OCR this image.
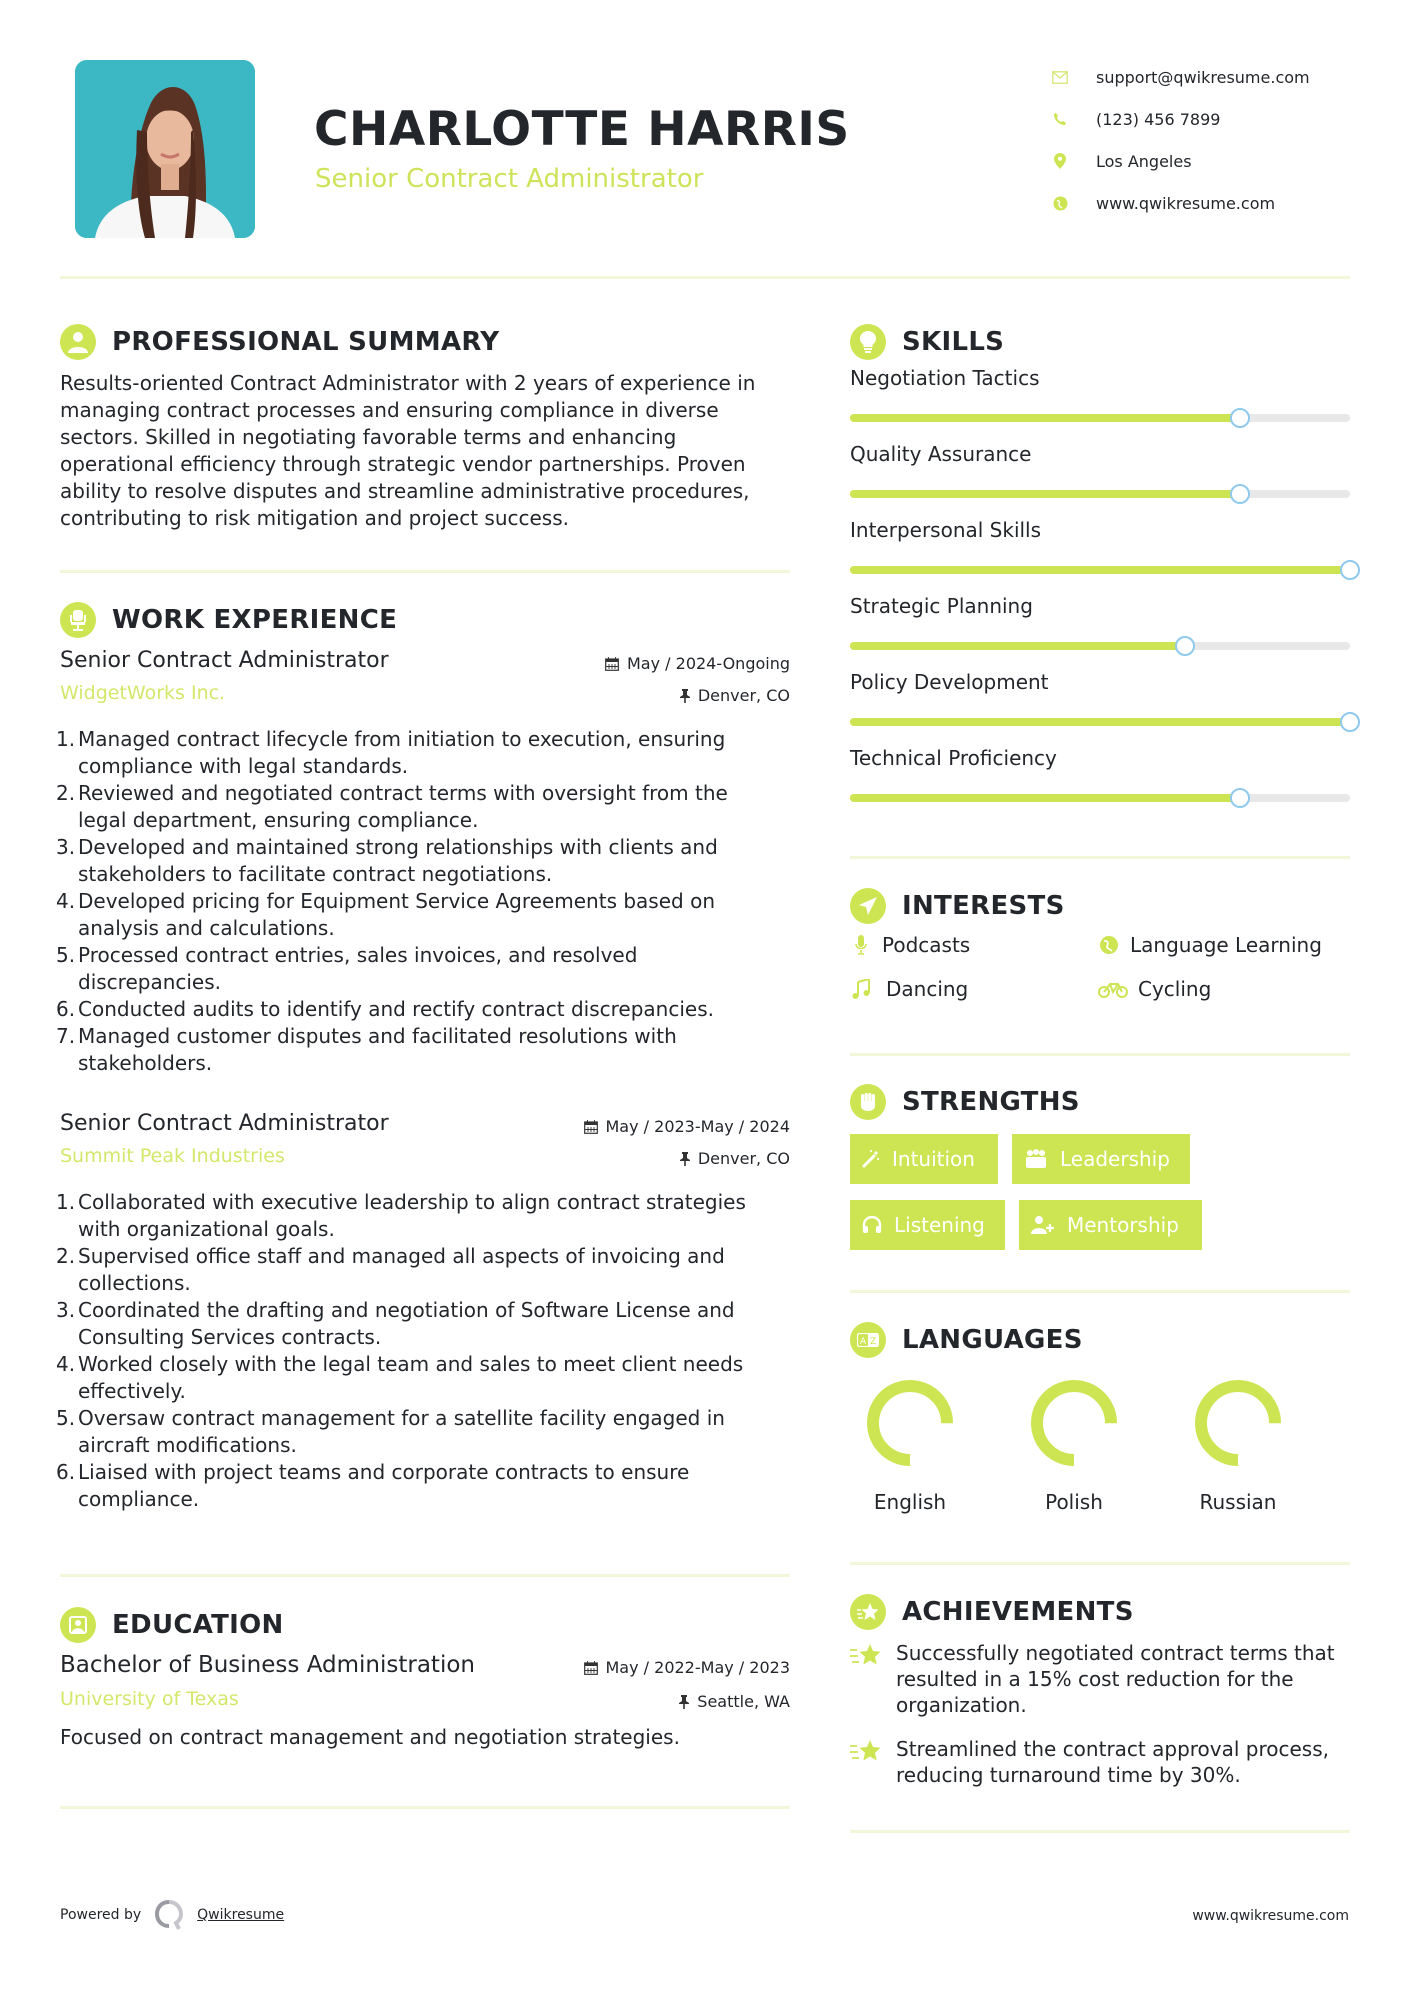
CHARLOTTE HARRIS
Senior Contract Administrator
support@qwikresume.com
(123) 456 7899
Los Angeles
www.qwikresume.com
PROFESSIONAL SUMMARY

Results-oriented Contract Administrator with 2 years of experience in managing contract processes and ensuring compliance in diverse sectors. Skilled in negotiating favorable terms and enhancing operational efficiency through strategic vendor partnerships. Proven ability to resolve disputes and streamline administrative procedures, contributing to risk mitigation and project success.

WORK EXPERIENCE
Senior Contract Administrator
WidgetWorks Inc.
May / 2024-Ongoing
Denver, CO
1. Managed contract lifecycle from initiation to execution, ensuring compliance with legal standards.
2. Reviewed and negotiated contract terms with oversight from the legal department, ensuring compliance.
3. Developed and maintained strong relationships with clients and stakeholders to facilitate contract negotiations.
4. Developed pricing for Equipment Service Agreements based on analysis and calculations.
5. Processed contract entries, sales invoices, and resolved discrepancies.
6. Conducted audits to identify and rectify contract discrepancies.
7. Managed customer disputes and facilitated resolutions with stakeholders.
Senior Contract Administrator
Summit Peak Industries
May / 2023-May / 2024
Denver, CO
1. Collaborated with executive leadership to align contract strategies with organizational goals.
2. Supervised office staff and managed all aspects of invoicing and collections.
3. Coordinated the drafting and negotiation of Software License and Consulting Services contracts.
4. Worked closely with the legal team and sales to meet client needs effectively.
5. Oversaw contract management for a satellite facility engaged in aircraft modifications.
6. Liaised with project teams and corporate contracts to ensure compliance.
EDUCATION
Bachelor of Business Administration
University of Texas
May / 2022-May / 2023
Seattle, WA

Focused on contract management and negotiation strategies.

SKILLS
Negotiation Tactics
Quality Assurance
Interpersonal Skills
Strategic Planning
Policy Development
Technical Proficiency
INTERESTS
Podcasts	Language Learning
Dancing	Cycling
STRENGTHS
Intuition	Leadership
Listening	Mentorship
A Z LANGUAGES
English	Polish	Russian
ACHIEVEMENTS
Successfully negotiated contract terms that resulted in a 15% cost reduction for the organization.
Streamlined the contract approval process, reducing turnaround time by 30%.
Powered by	Qwikresume	www.qwikresume.com
